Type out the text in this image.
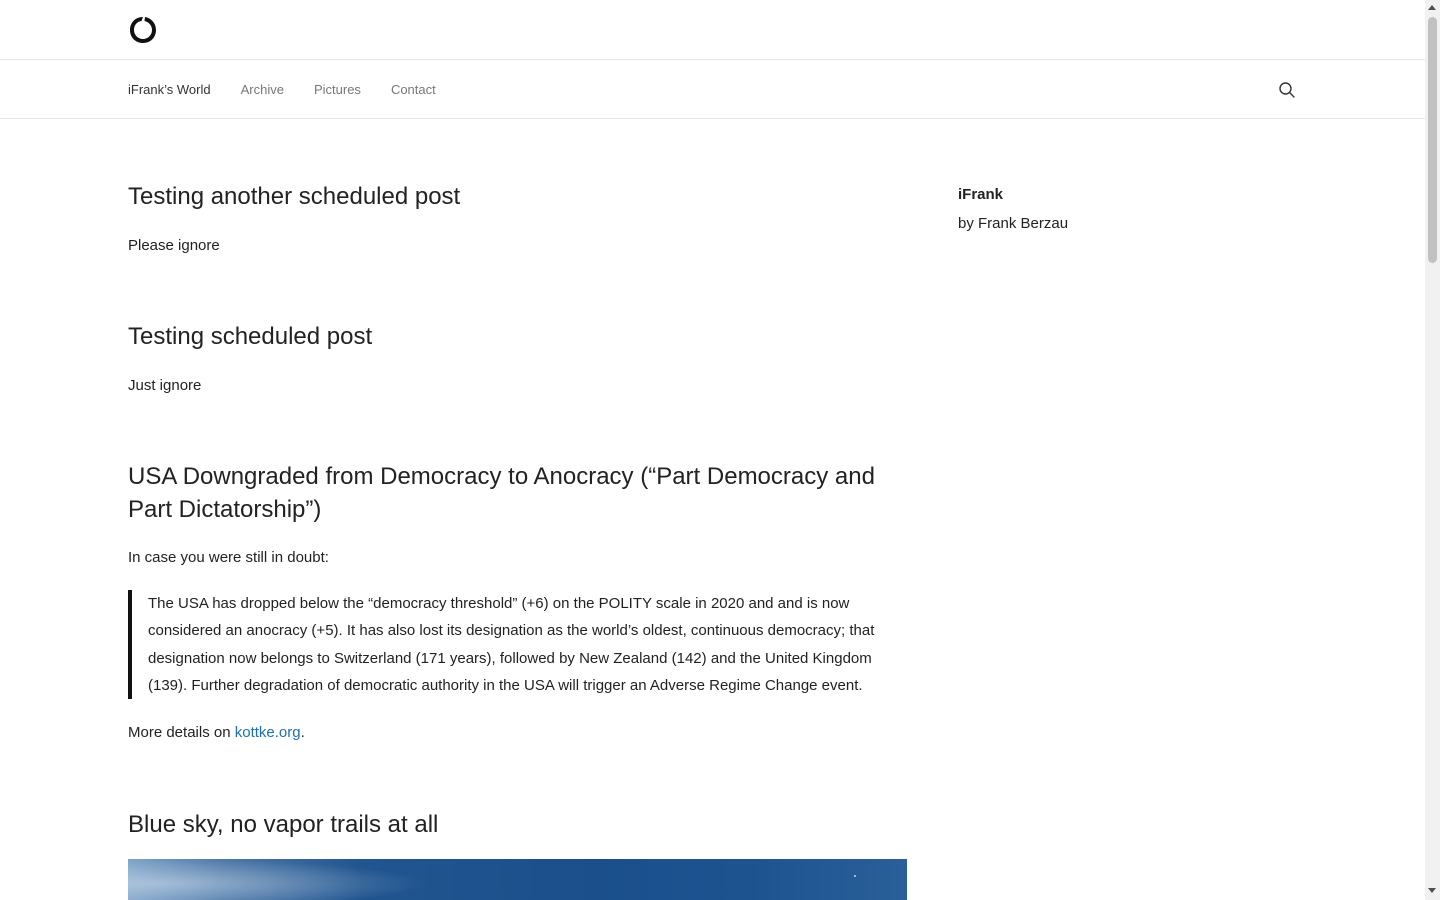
iFrank’s World Archive Pictures Contact
Testing another scheduled post

Please ignore

Testing scheduled post

Just ignore

USA Downgraded from Democracy to Anocracy (“Part Democracy and Part Dictatorship”)

In case you were still in doubt:

The USA has dropped below the “democracy threshold” (+6) on the POLITY scale in 2020 and and is now considered an anocracy (+5). It has also lost its designation as the world’s oldest, continuous democracy; that designation now belongs to Switzerland (171 years), followed by New Zealand (142) and the United Kingdom (139). Further degradation of democratic authority in the USA will trigger an Adverse Regime Change event.

More details on kottke.org.

Blue sky, no vapor trails at all
iFrank
by Frank Berzau
